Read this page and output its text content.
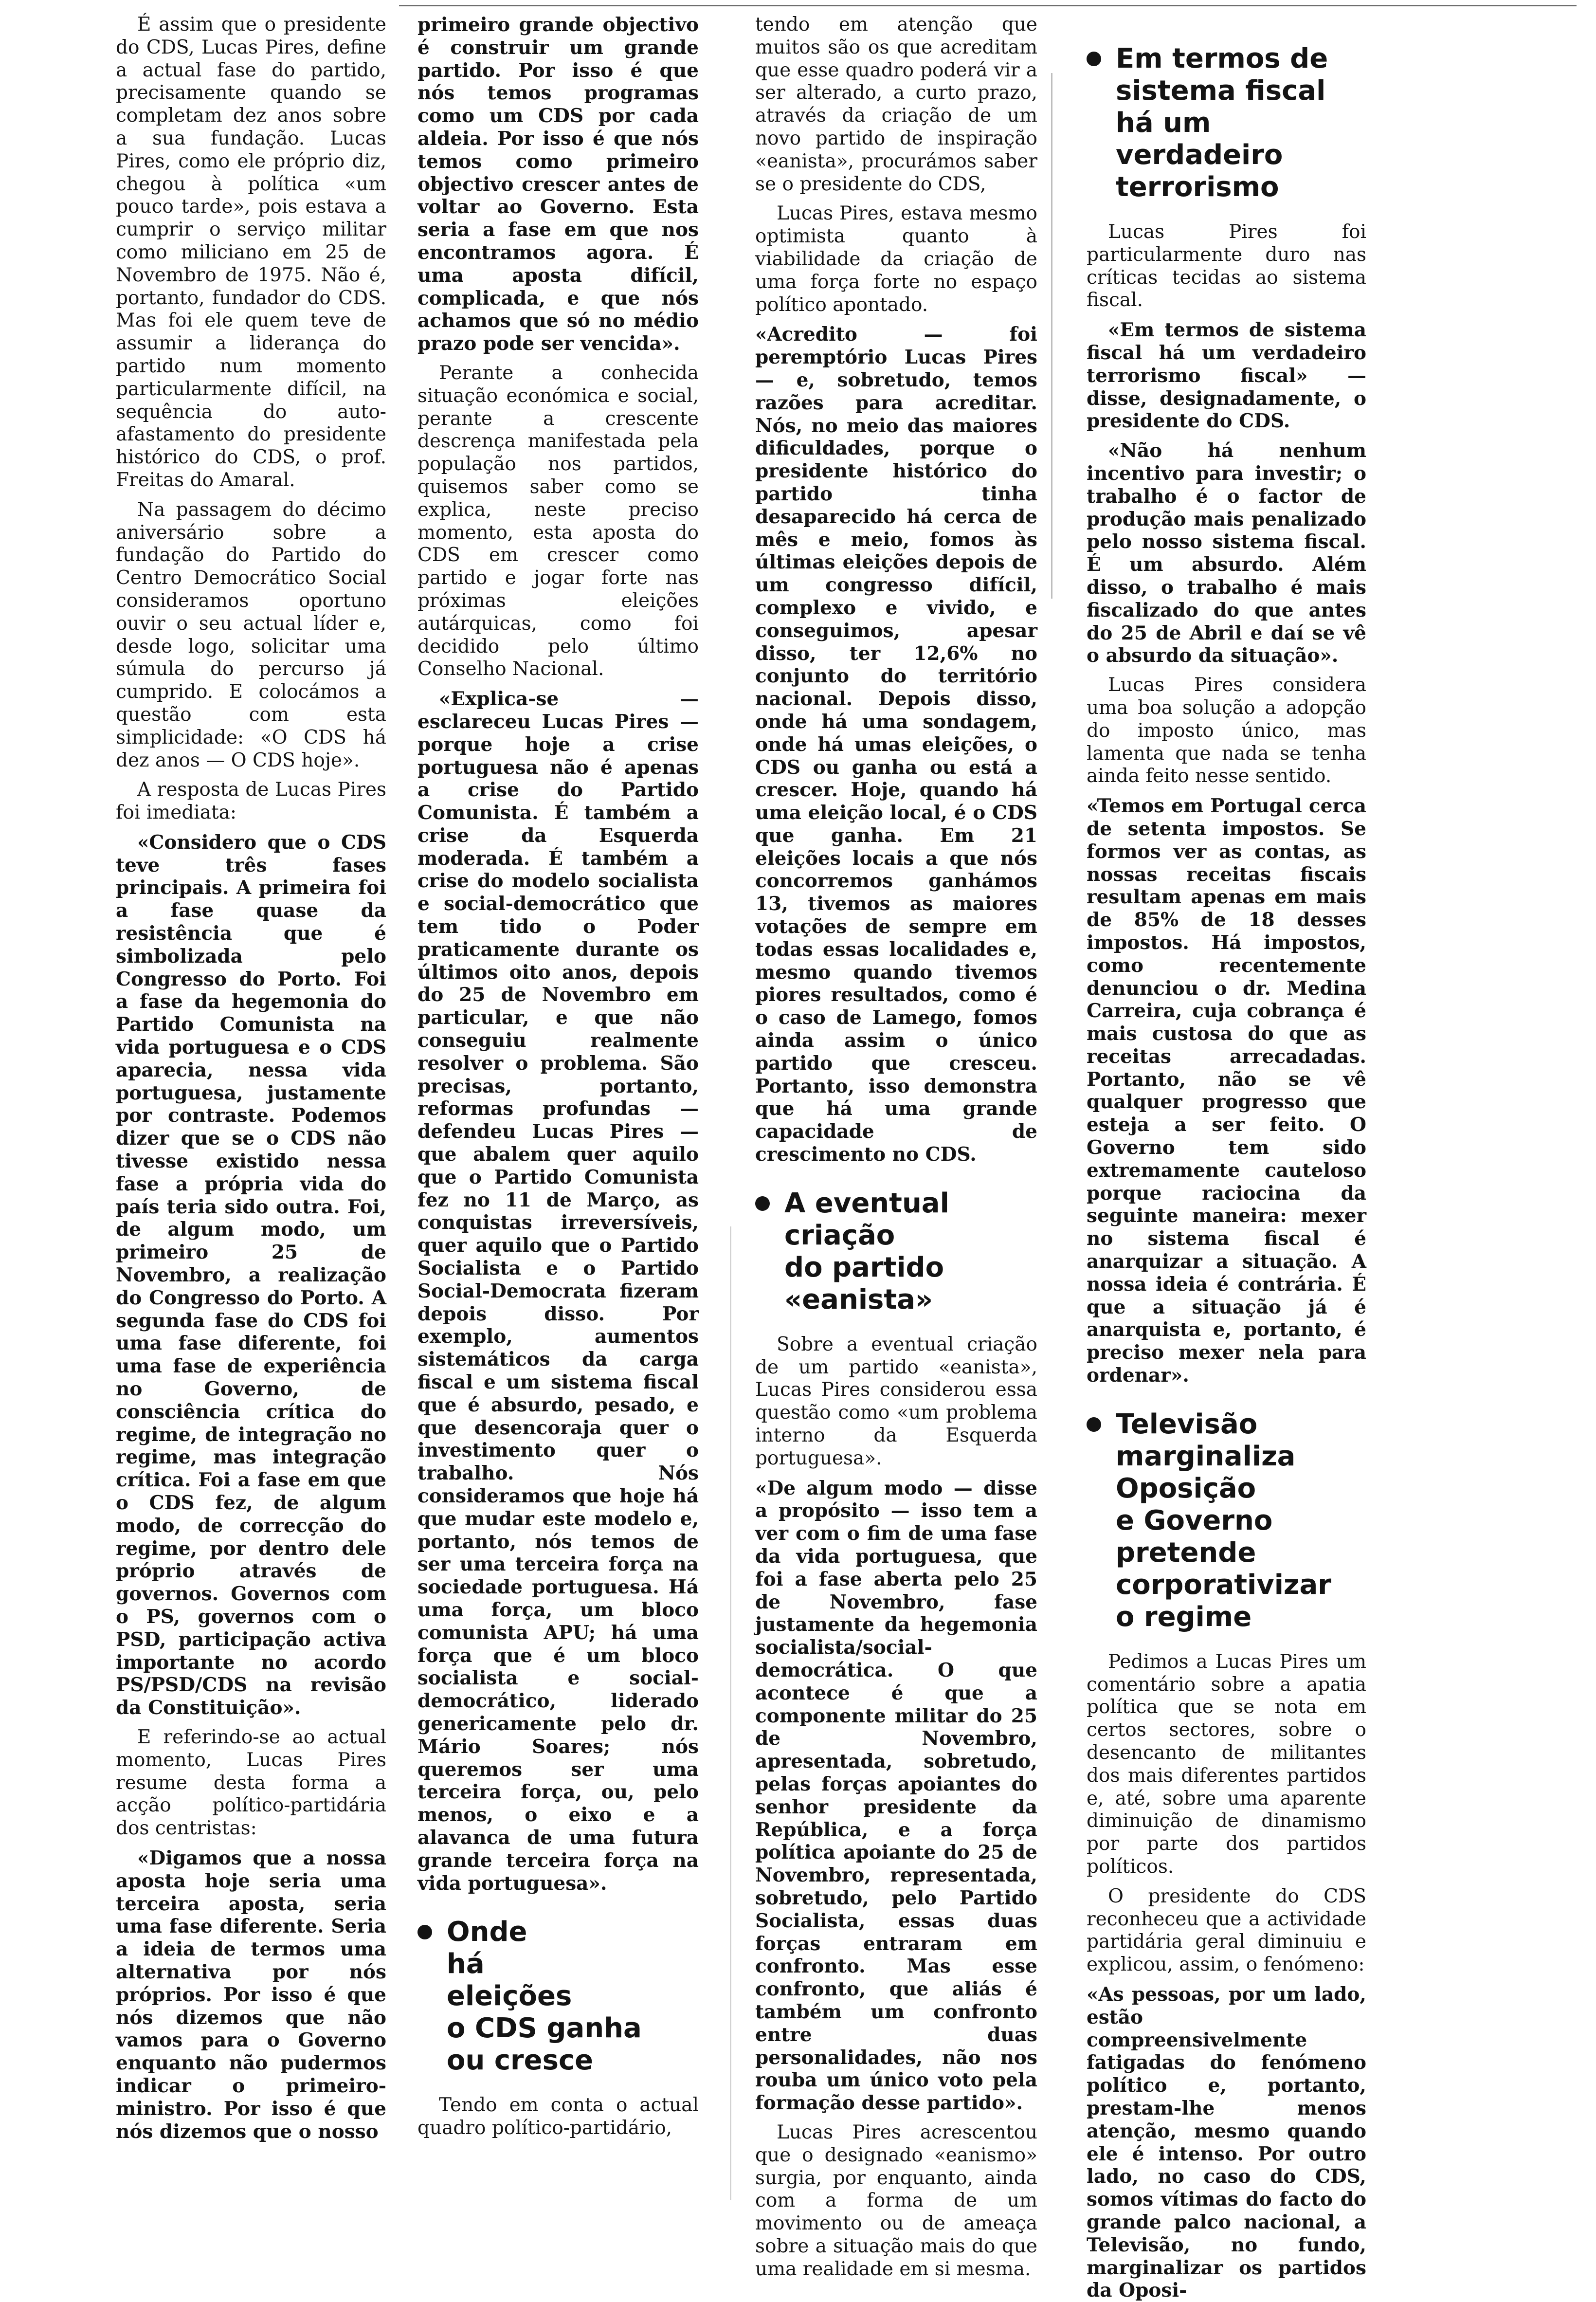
É assim que o presidente do CDS, Lucas Pires, define a actual fase do partido, precisamente quando se completam dez anos sobre a sua fundação. Lucas Pires, como ele próprio diz, chegou à política «um pouco tarde», pois estava a cumprir o serviço militar como miliciano em 25 de Novembro de 1975. Não é, portanto, fundador do CDS. Mas foi ele quem teve de assumir a liderança do partido num momento particularmente difícil, na sequência do auto-afastamento do presidente histórico do CDS, o prof. Freitas do Amaral.

Na passagem do décimo aniversário sobre a fundação do Partido do Centro Democrático Social consideramos oportuno ouvir o seu actual líder e, desde logo, solicitar uma súmula do percurso já cumprido. E colocámos a questão com esta simplicidade: «O CDS há dez anos — O CDS hoje».

A resposta de Lucas Pires foi imediata:

«Considero que o CDS teve três fases principais. A primeira foi a fase quase da resistência que é simbolizada pelo Congresso do Porto. Foi a fase da hegemonia do Partido Comunista na vida portuguesa e o CDS aparecia, nessa vida portuguesa, justamente por contraste. Podemos dizer que se o CDS não tivesse existido nessa fase a própria vida do país teria sido outra. Foi, de algum modo, um primeiro 25 de Novembro, a realização do Congresso do Porto. A segunda fase do CDS foi uma fase diferente, foi uma fase de experiência no Governo, de consciência crítica do regime, de integração no regime, mas integração crítica. Foi a fase em que o CDS fez, de algum modo, de correcção do regime, por dentro dele próprio através de governos. Governos com o PS, governos com o PSD, participação activa importante no acordo PS/PSD/CDS na revisão da Constituição».

E referindo-se ao actual momento, Lucas Pires resume desta forma a acção político-partidária dos centristas:

«Digamos que a nossa aposta hoje seria uma terceira aposta, seria uma fase diferente. Seria a ideia de termos uma alternativa por nós próprios. Por isso é que nós dizemos que não vamos para o Governo enquanto não pudermos indicar o primeiro-ministro. Por isso é que nós dizemos que o nosso

primeiro grande objectivo é construir um grande partido. Por isso é que nós temos programas como um CDS por cada aldeia. Por isso é que nós temos como primeiro objectivo crescer antes de voltar ao Governo. Esta seria a fase em que nos encontramos agora. É uma aposta difícil, complicada, e que nós achamos que só no médio prazo pode ser vencida».

Perante a conhecida situação económica e social, perante a crescente descrença manifestada pela população nos partidos, quisemos saber como se explica, neste preciso momento, esta aposta do CDS em crescer como partido e jogar forte nas próximas eleições autárquicas, como foi decidido pelo último Conselho Nacional.

«Explica-se — esclareceu Lucas Pires — porque hoje a crise portuguesa não é apenas a crise do Partido Comunista. É também a crise da Esquerda moderada. É também a crise do modelo socialista e social-democrático que tem tido o Poder praticamente durante os últimos oito anos, depois do 25 de Novembro em particular, e que não conseguiu realmente resolver o problema. São precisas, portanto, reformas profundas — defendeu Lucas Pires —que abalem quer aquilo que o Partido Comunista fez no 11 de Março, as conquistas irreversíveis, quer aquilo que o Partido Socialista e o Partido Social-Democrata fizeram depois disso. Por exemplo, aumentos sistemáticos da carga fiscal e um sistema fiscal que é absurdo, pesado, e que desencoraja quer o investimento quer o trabalho. Nós consideramos que hoje há que mudar este modelo e, portanto, nós temos de ser uma terceira força na sociedade portuguesa. Há uma força, um bloco comunista APU; há uma força que é um bloco socialista e social-democrático, liderado genericamente pelo dr. Mário Soares; nós queremos ser uma terceira força, ou, pelo menos, o eixo e a alavanca de uma futura grande terceira força na vida portuguesa».

Onde
há
eleições
o CDS ganha
ou cresce

Tendo em conta o actual quadro político-partidário,

tendo em atenção que muitos são os que acreditam que esse quadro poderá vir a ser alterado, a curto prazo, através da criação de um novo partido de inspiração «eanista», procurámos saber se o presidente do CDS,

Lucas Pires, estava mesmo optimista quanto à viabilidade da criação de uma força forte no espaço político apontado.

«Acredito — foi peremptório Lucas Pires — e, sobretudo, temos razões para acreditar. Nós, no meio das maiores dificuldades, porque o presidente histórico do partido tinha desaparecido há cerca de mês e meio, fomos às últimas eleições depois de um congresso difícil, complexo e vivido, e conseguimos, apesar disso, ter 12,6% no conjunto do território nacional. Depois disso, onde há uma sondagem, onde há umas eleições, o CDS ou ganha ou está a crescer. Hoje, quando há uma eleição local, é o CDS que ganha. Em 21 eleições locais a que nós concorremos ganhámos 13, tivemos as maiores votações de sempre em todas essas localidades e, mesmo quando tivemos piores resultados, como é o caso de Lamego, fomos ainda assim o único partido que cresceu. Portanto, isso demonstra que há uma grande capacidade de crescimento no CDS.

A eventual
criação
do partido
«eanista»

Sobre a eventual criação de um partido «eanista», Lucas Pires considerou essa questão como «um problema interno da Esquerda portuguesa».

«De algum modo — disse a propósito — isso tem a ver com o fim de uma fase da vida portuguesa, que foi a fase aberta pelo 25 de Novembro, fase justamente da hegemonia socialista/social-democrática. O que acontece é que a componente militar do 25 de Novembro, apresentada, sobretudo, pelas forças apoiantes do senhor presidente da República, e a força política apoiante do 25 de Novembro, representada, sobretudo, pelo Partido Socialista, essas duas forças entraram em confronto. Mas esse confronto, que aliás é também um confronto entre duas personalidades, não nos rouba um único voto pela formação desse partido».

Lucas Pires acrescentou que o designado «eanismo» surgia, por enquanto, ainda com a forma de um movimento ou de ameaça sobre a situação mais do que uma realidade em si mesma.

Em termos de
sistema fiscal
há um
verdadeiro
terrorismo

Lucas Pires foi particularmente duro nas críticas tecidas ao sistema fiscal.

«Em termos de sistema fiscal há um verdadeiro terrorismo fiscal» — disse, designadamente, o presidente do CDS.

«Não há nenhum incentivo para investir; o trabalho é o factor de produção mais penalizado pelo nosso sistema fiscal. É um absurdo. Além disso, o trabalho é mais fiscalizado do que antes do 25 de Abril e daí se vê o absurdo da situação».

Lucas Pires considera uma boa solução a adopção do imposto único, mas lamenta que nada se tenha ainda feito nesse sentido.

«Temos em Portugal cerca de setenta impostos. Se formos ver as contas, as nossas receitas fiscais resultam apenas em mais de 85% de 18 desses impostos. Há impostos, como recentemente denunciou o dr. Medina Carreira, cuja cobrança é mais custosa do que as receitas arrecadadas. Portanto, não se vê qualquer progresso que esteja a ser feito. O Governo tem sido extremamente cauteloso porque raciocina da seguinte maneira: mexer no sistema fiscal é anarquizar a situação. A nossa ideia é contrária. É que a situação já é anarquista e, portanto, é preciso mexer nela para ordenar».

Televisão
marginaliza
Oposição
e Governo
pretende
corporativizar
o regime

Pedimos a Lucas Pires um comentário sobre a apatia política que se nota em certos sectores, sobre o desencanto de militantes dos mais diferentes partidos e, até, sobre uma aparente diminuição de dinamismo por parte dos partidos políticos.

O presidente do CDS reconheceu que a actividade partidária geral diminuiu e explicou, assim, o fenómeno:

«As pessoas, por um lado, estão compreensivelmente fatigadas do fenómeno político e, portanto, prestam-lhe menos atenção, mesmo quando ele é intenso. Por outro lado, no caso do CDS, somos vítimas do facto do grande palco nacional, a Televisão, no fundo, marginalizar os partidos da Oposi-
